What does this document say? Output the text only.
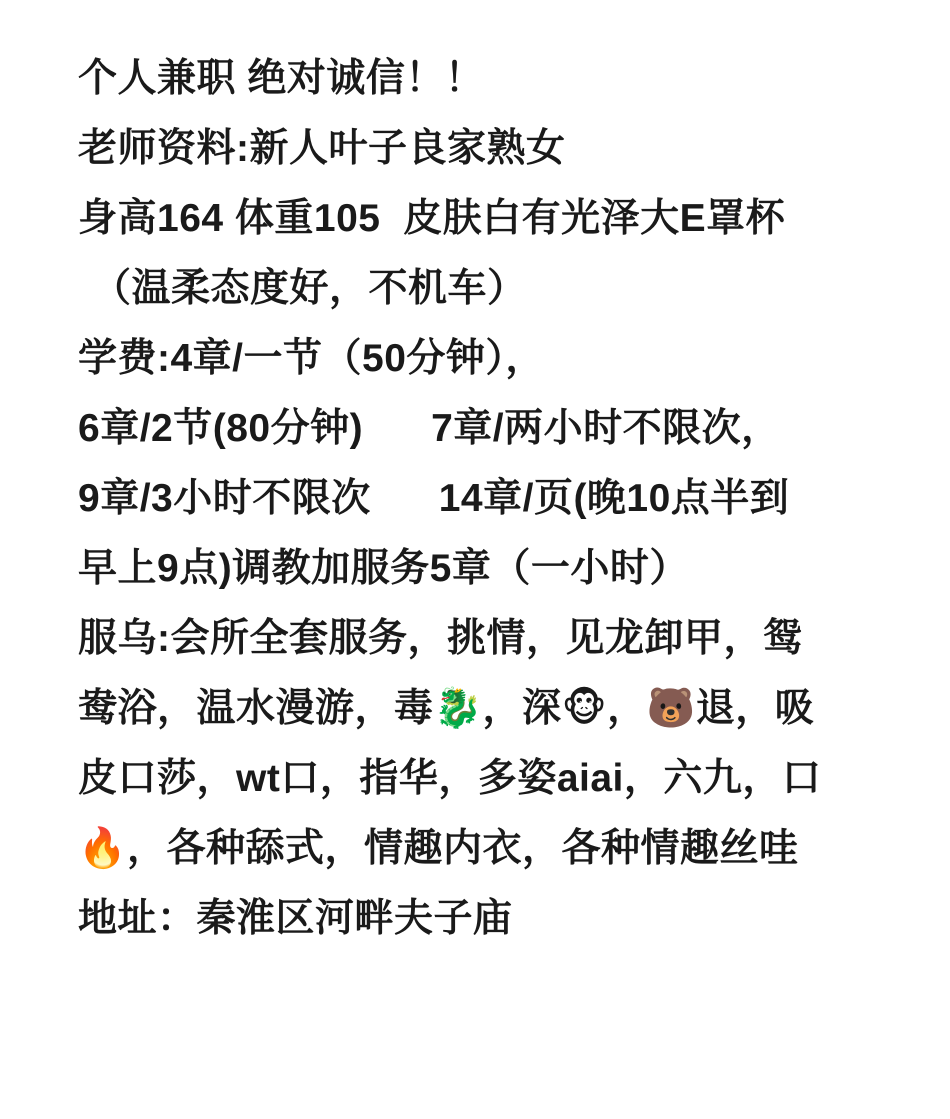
个人兼职 绝对诚信！！
老师资料:新人叶子良家熟女
身高164 体重105  皮肤白有光泽大E罩杯
（温柔态度好，不机车）
学费:4章/一节（50分钟），
6章/2节(80分钟)      7章/两小时不限次，
9章/3小时不限次      14章/页(晚10点半到
早上9点)调教加服务5章（一小时）
服乌:会所全套服务，挑情，见龙卸甲，鸳
鸯浴，温水漫游，毒🐉，深🐵，🐻退，吸
皮口莎，wt口，指华，多姿aiai，六九，口
🔥，各种舔式，情趣内衣，各种情趣丝哇
地址：秦淮区河畔夫子庙
